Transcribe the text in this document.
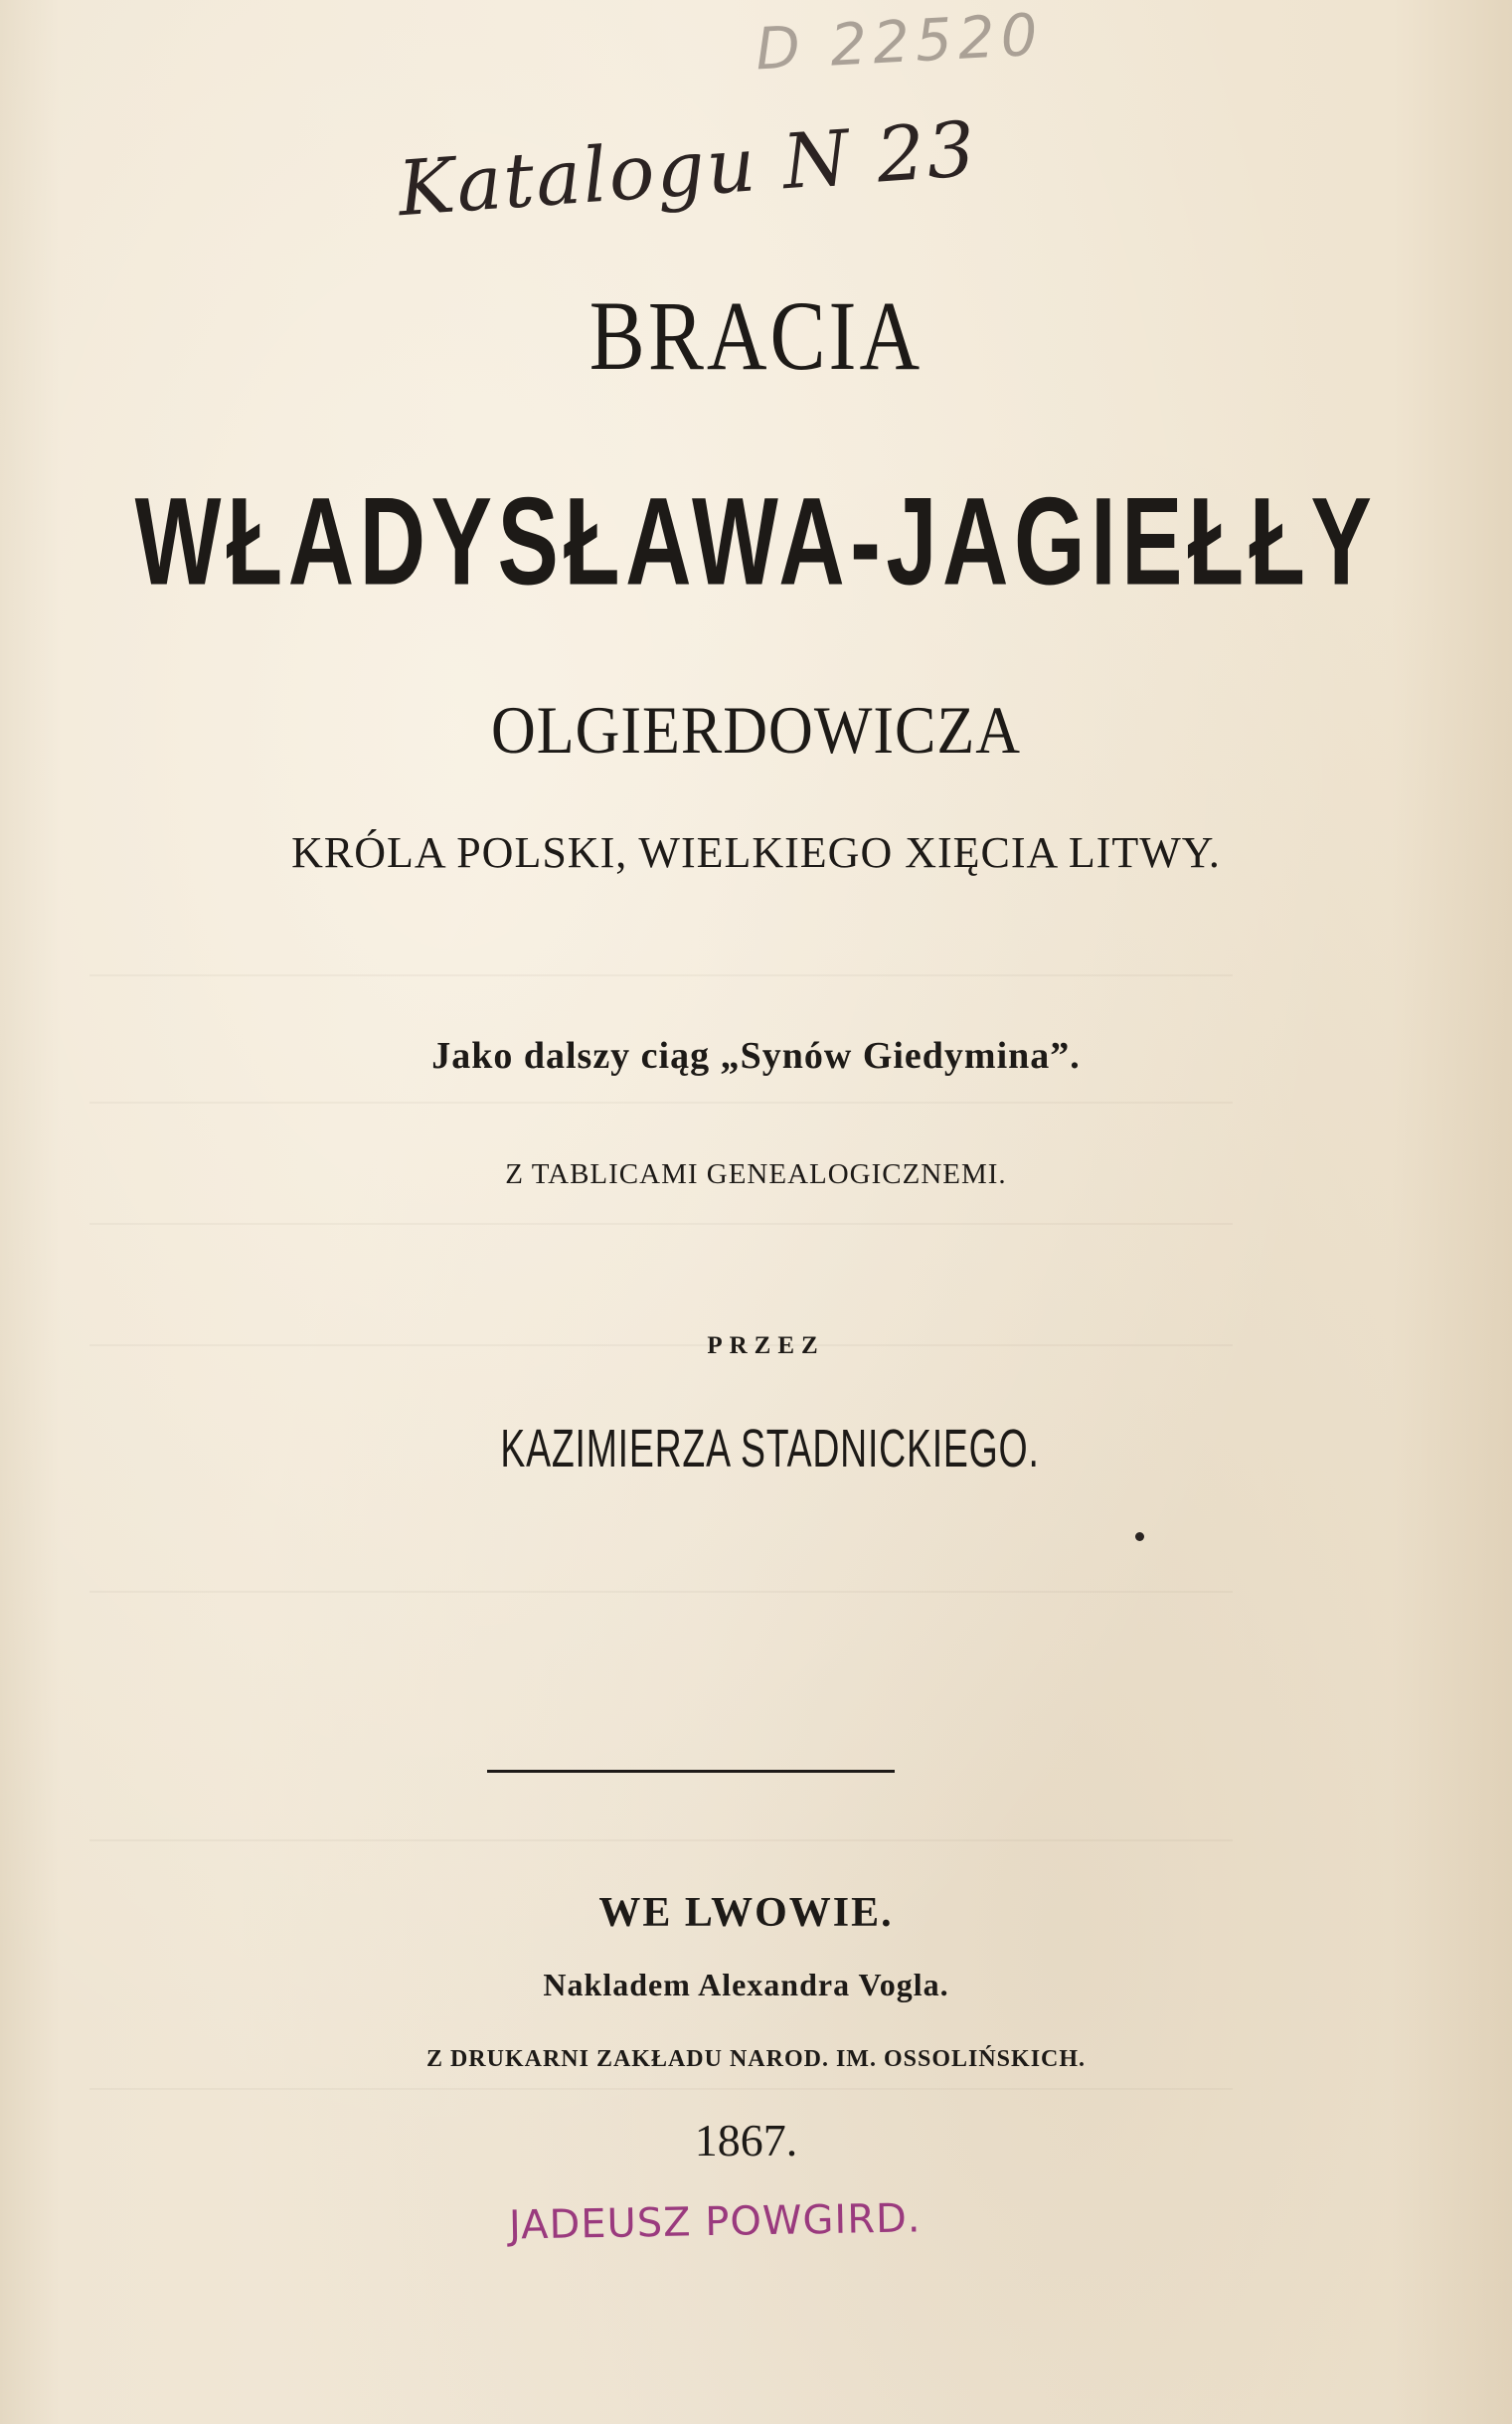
D 22520
Katalogu N 23
BRACIA
WŁADYSŁAWA-JAGIEŁŁY
OLGIERDOWICZA
KRÓLA POLSKI, WIELKIEGO XIĘCIA LITWY.
Jako dalszy ciąg „Synów Giedymina”.
Z TABLICAMI GENEALOGICZNEMI.
PRZEZ
KAZIMIERZA STADNICKIEGO.
WE LWOWIE.
Nakladem Alexandra Vogla.
Z DRUKARNI ZAKŁADU NAROD. IM. OSSOLIŃSKICH.
1867.
JADEUSZ POWGIRD.
